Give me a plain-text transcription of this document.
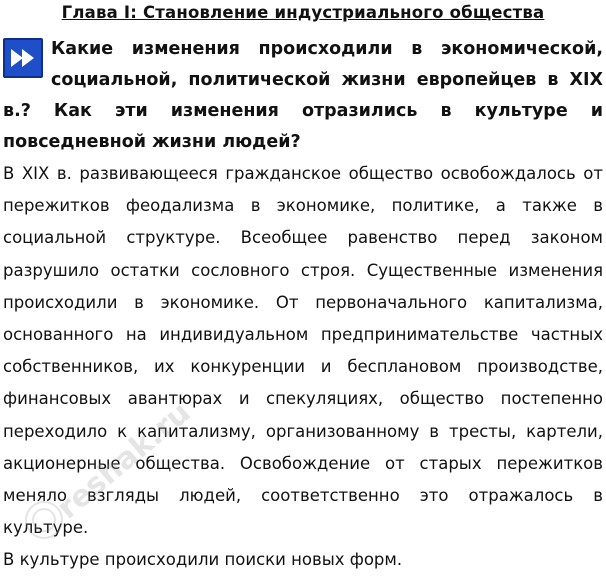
Глава I: Становление индустриального общества

Какие изменения происходили в экономической, социальной, политической жизни европейцев в XIX в.? Как эти изменения отразились в культуре и повседневной жизни людей?

В XIX в. развивающееся гражданское общество освобождалось от пережитков феодализма в экономике, политике, а также в социальной структуре. Всеобщее равенство перед законом разрушило остатки сословного строя. Существенные изменения происходили в экономике. От первоначального капитализма, основанного на индивидуальном предпринимательстве частных собственников, их конкуренции и бесплановом производстве, финансовых авантюрах и спекуляциях, общество постепенно переходило к капитализму, организованному в тресты, картели, акционерные общества. Освобождение от старых пережитков меняло взгляды людей, соответственно это отражалось в культуре.

В культуре происходили поиски новых форм.

reshak.ru
